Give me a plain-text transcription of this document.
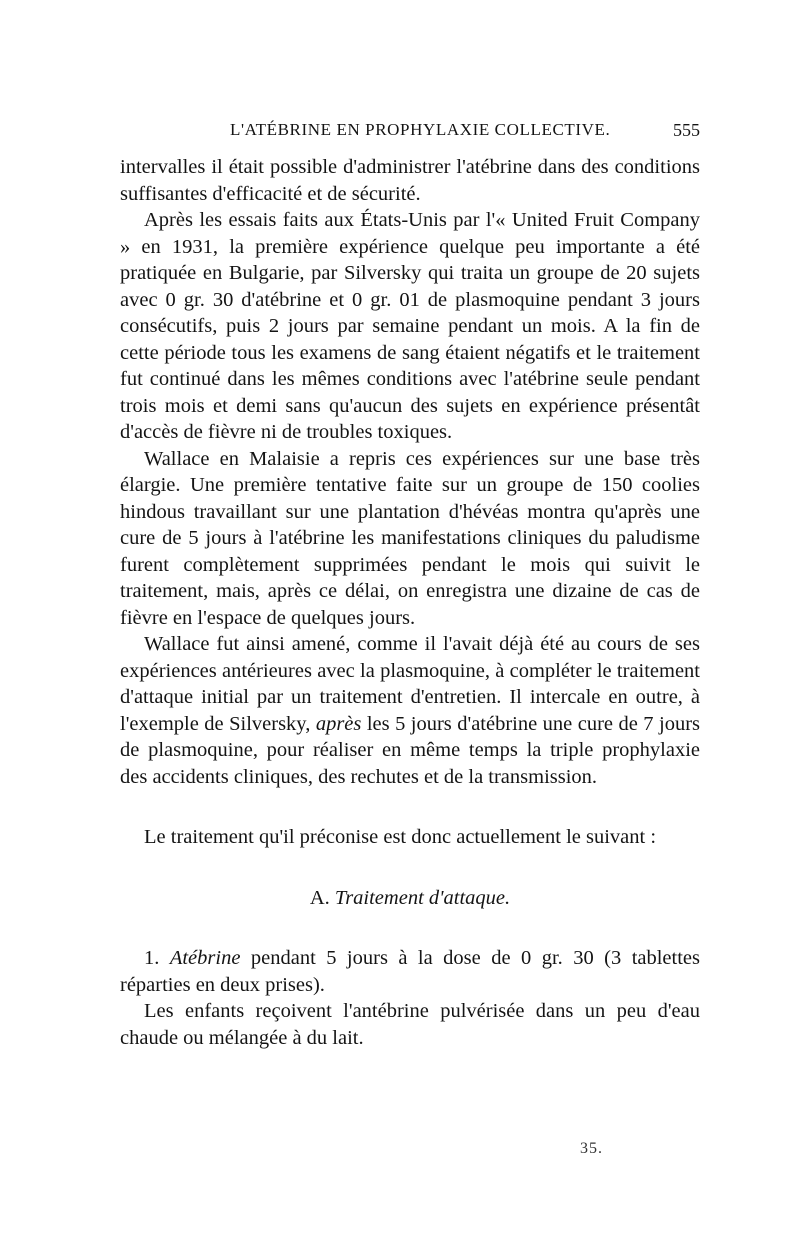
L'ATÉBRINE EN PROPHYLAXIE COLLECTIVE.	555

intervalles il était possible d'administrer l'atébrine dans des conditions suffisantes d'efficacité et de sécurité.

Après les essais faits aux États-Unis par l'« United Fruit Company » en 1931, la première expérience quelque peu importante a été pratiquée en Bulgarie, par Silversky qui traita un groupe de 20 sujets avec 0 gr. 30 d'atébrine et 0 gr. 01 de plasmoquine pendant 3 jours consécutifs, puis 2 jours par semaine pendant un mois. A la fin de cette période tous les examens de sang étaient négatifs et le traitement fut continué dans les mêmes conditions avec l'atébrine seule pendant trois mois et demi sans qu'aucun des sujets en expérience présentât d'accès de fièvre ni de troubles toxiques.

Wallace en Malaisie a repris ces expériences sur une base très élargie. Une première tentative faite sur un groupe de 150 coolies hindous travaillant sur une plantation d'hévéas montra qu'après une cure de 5 jours à l'atébrine les manifestations cliniques du paludisme furent complètement supprimées pendant le mois qui suivit le traitement, mais, après ce délai, on enregistra une dizaine de cas de fièvre en l'espace de quelques jours.

Wallace fut ainsi amené, comme il l'avait déjà été au cours de ses expériences antérieures avec la plasmoquine, à compléter le traitement d'attaque initial par un traitement d'entretien. Il intercale en outre, à l'exemple de Silversky, après les 5 jours d'atébrine une cure de 7 jours de plasmoquine, pour réaliser en même temps la triple prophylaxie des accidents cliniques, des rechutes et de la transmission.

Le traitement qu'il préconise est donc actuellement le suivant :

A. Traitement d'attaque.

1. Atébrine pendant 5 jours à la dose de 0 gr. 30 (3 tablettes réparties en deux prises).

Les enfants reçoivent l'antébrine pulvérisée dans un peu d'eau chaude ou mélangée à du lait.

35.
